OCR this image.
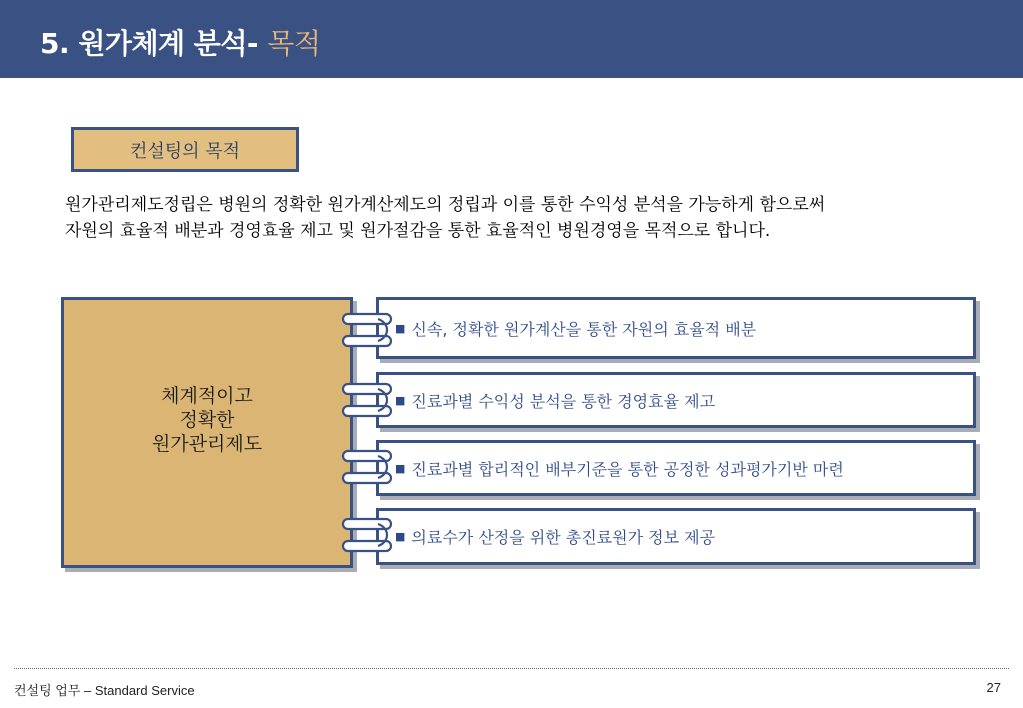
5. 원가체계 분석- 목적
컨설팅의 목적
원가관리제도정립은 병원의 정확한 원가계산제도의 정립과 이를 통한 수익성 분석을 가능하게 함으로써
자원의 효율적 배분과 경영효율 제고 및 원가절감을 통한 효율적인 병원경영을 목적으로 합니다.
체계적이고
정확한
원가관리제도
■ 신속, 정확한 원가계산을 통한 자원의 효율적 배분
■ 진료과별 수익성 분석을 통한 경영효율 제고
■ 진료과별 합리적인 배부기준을 통한 공정한 성과평가기반 마련
■ 의료수가 산정을 위한 총진료원가 정보 제공
컨설팅 업무 – Standard Service	27
